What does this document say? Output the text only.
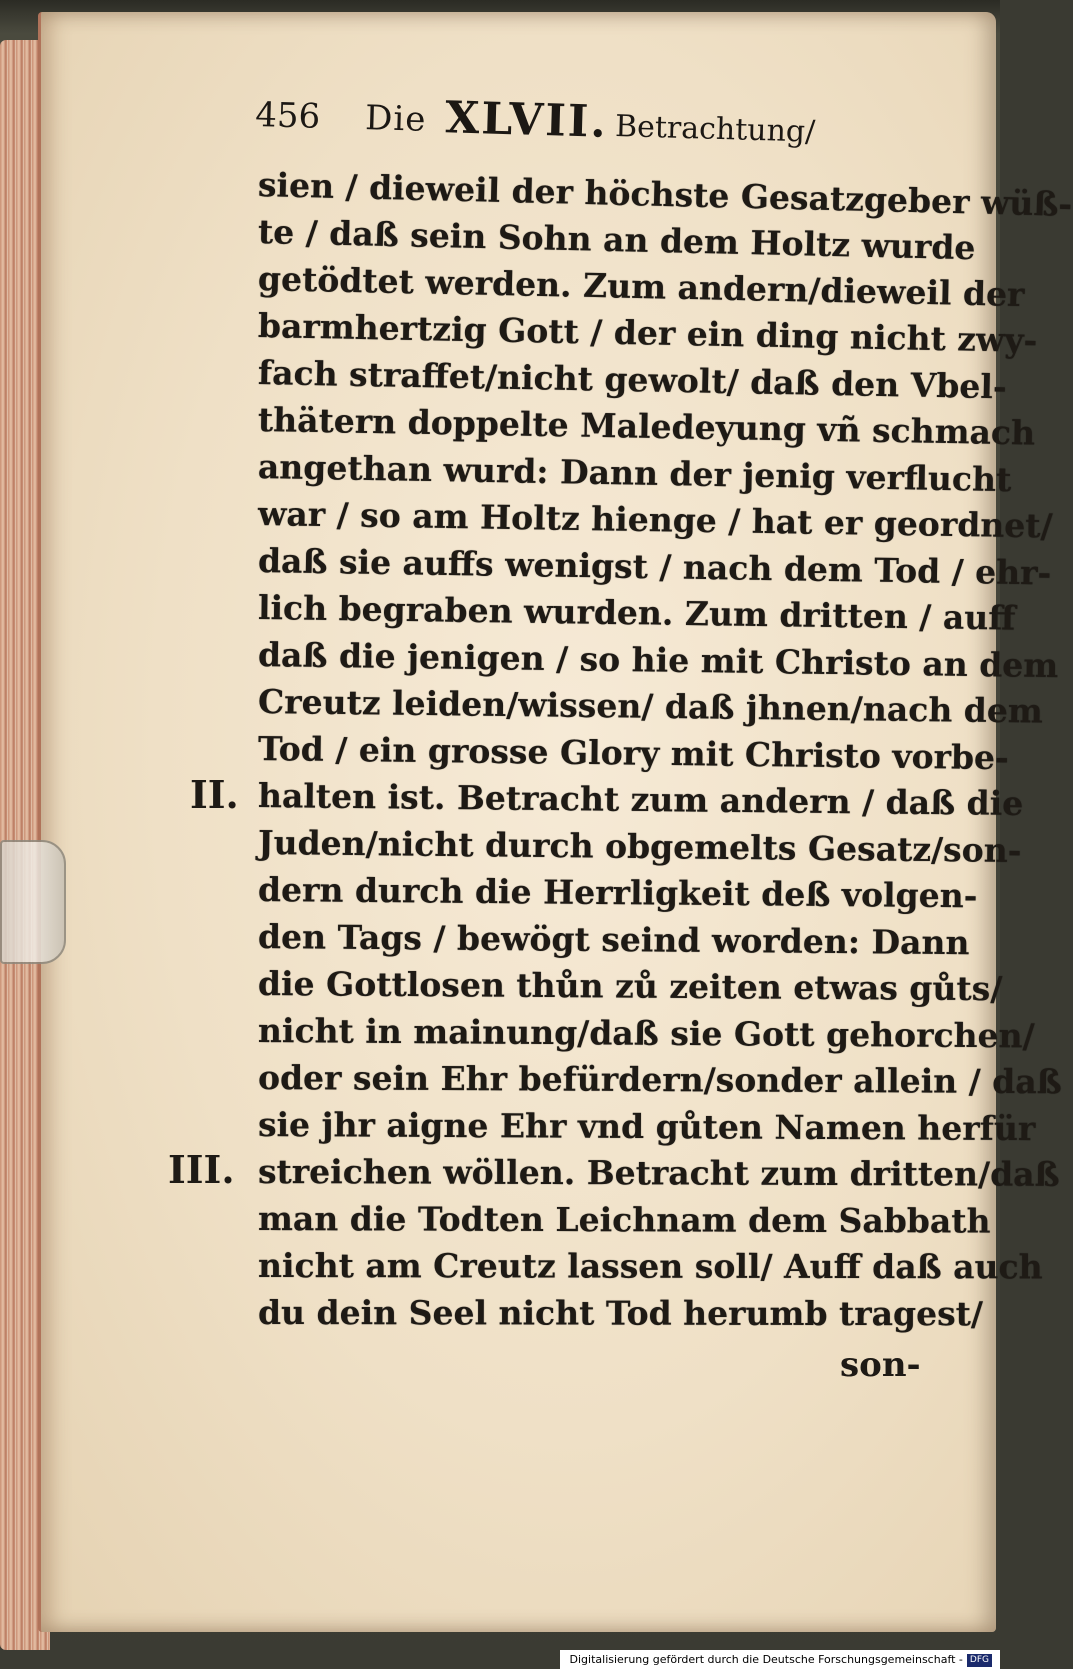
456 Die XLVII. Betrachtung/
sien / dieweil der höchste Gesatzgeber wüß-
te / daß sein Sohn an dem Holtz wurde
getödtet werden. Zum andern/dieweil der
barmhertzig Gott / der ein ding nicht zwy-
fach straffet/nicht gewolt/ daß den Vbel-
thätern doppelte Maledeyung vñ schmach
angethan wurd: Dann der jenig verflucht
war / so am Holtz hienge / hat er geordnet/
daß sie auffs wenigst / nach dem Tod / ehr-
lich begraben wurden. Zum dritten / auff
daß die jenigen / so hie mit Christo an dem
Creutz leiden/wissen/ daß jhnen/nach dem
Tod / ein grosse Glory mit Christo vorbe-
halten ist. Betracht zum andern / daß die
Juden/nicht durch obgemelts Gesatz/son-
dern durch die Herrligkeit deß volgen-
den Tags / bewögt seind worden: Dann
die Gottlosen thůn zů zeiten etwas gůts/
nicht in mainung/daß sie Gott gehorchen/
oder sein Ehr befürdern/sonder allein / daß
sie jhr aigne Ehr vnd gůten Namen herfür
streichen wöllen. Betracht zum dritten/daß
man die Todten Leichnam dem Sabbath
nicht am Creutz lassen soll/ Auff daß auch
du dein Seel nicht Tod herumb tragest/
II.
III.
son-
Digitalisierung gefördert durch die Deutsche Forschungsgemeinschaft - DFG
